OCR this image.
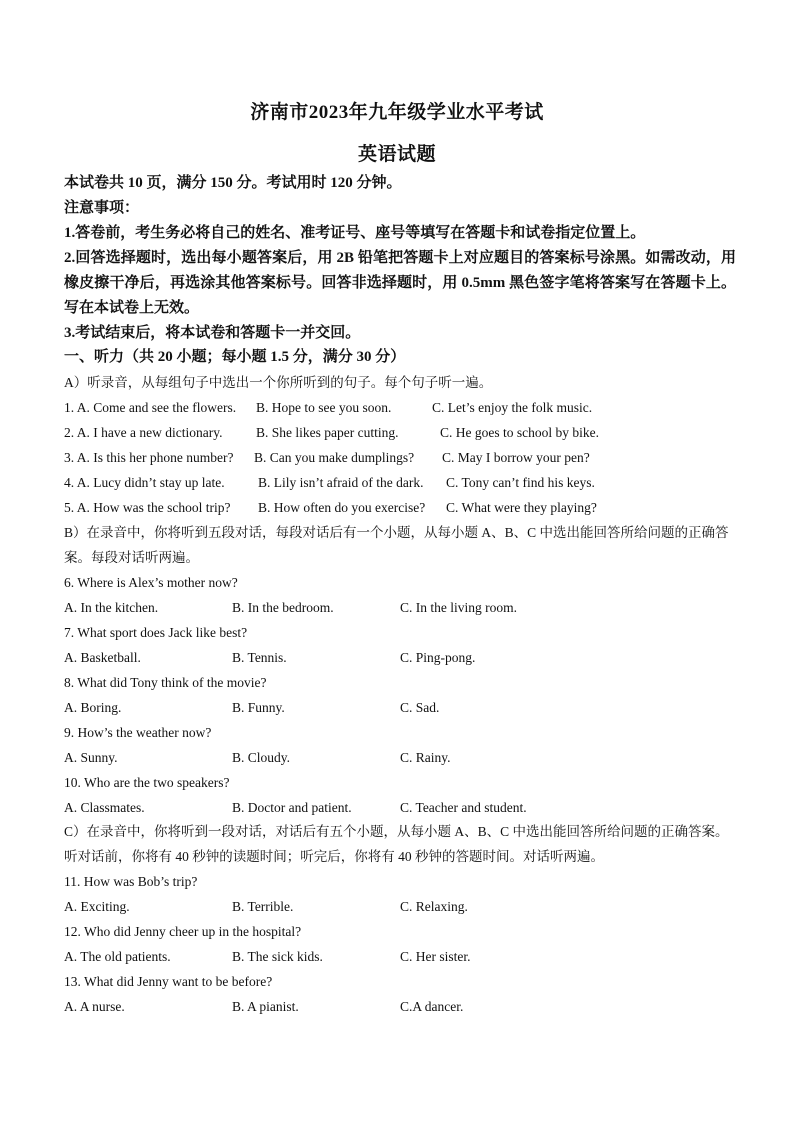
济南市2023年九年级学业水平考试
英语试题
本试卷共 10 页，满分 150 分。考试用时 120 分钟。
注意事项：
1.答卷前，考生务必将自己的姓名、准考证号、座号等填写在答题卡和试卷指定位置上。
2.回答选择题时，选出每小题答案后，用 2B 铅笔把答题卡上对应题目的答案标号涂黑。如需改动，用橡皮擦干净后，再选涂其他答案标号。回答非选择题时，用 0.5mm 黑色签字笔将答案写在答题卡上。写在本试卷上无效。
3.考试结束后，将本试卷和答题卡一并交回。
一、听力（共 20 小题；每小题 1.5 分，满分 30 分）
A）听录音，从每组句子中选出一个你所听到的句子。每个句子听一遍。
1. A. Come and see the flowers. B. Hope to see you soon.	C. Let’s enjoy the folk music.
2. A. I have a new dictionary. B. She likes paper cutting.	C. He goes to school by bike.
3. A. Is this her phone number? B. Can you make dumplings? C. May I borrow your pen?
4. A. Lucy didn’t stay up late. B. Lily isn’t afraid of the dark. C. Tony can’t find his keys.
5. A. How was the school trip? B. How often do you exercise? C. What were they playing?
B）在录音中，你将听到五段对话，每段对话后有一个小题，从每小题 A、B、C 中选出能回答所给问题的正确答案。每段对话听两遍。
6. Where is Alex’s mother now?
A. In the kitchen.	B. In the bedroom.	C. In the living room.
7. What sport does Jack like best?
A. Basketball.	B. Tennis.	C. Ping-pong.
8. What did Tony think of the movie?
A. Boring.	B. Funny.	C. Sad.
9. How’s the weather now?
A. Sunny.	B. Cloudy.	C. Rainy.
10. Who are the two speakers?
A. Classmates.	B. Doctor and patient.	C. Teacher and student.
C）在录音中，你将听到一段对话，对话后有五个小题，从每小题 A、B、C 中选出能回答所给问题的正确答案。听对话前，你将有 40 秒钟的读题时间；听完后，你将有 40 秒钟的答题时间。对话听两遍。
11. How was Bob’s trip?
A. Exciting.	B. Terrible.	C. Relaxing.
12. Who did Jenny cheer up in the hospital?
A. The old patients.	B. The sick kids.	C. Her sister.
13. What did Jenny want to be before?
A. A nurse.	B. A pianist.	C.A dancer.
